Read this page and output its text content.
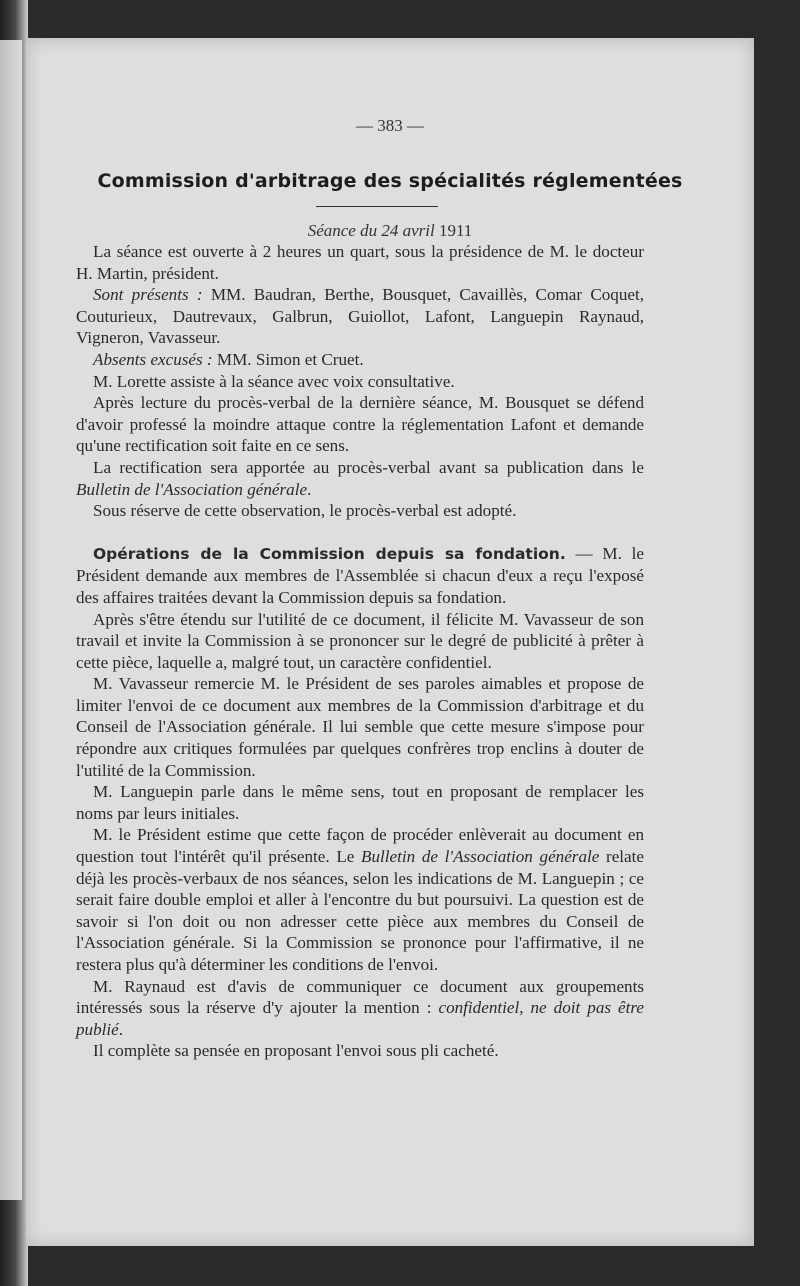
— 383 —
Commission d'arbitrage des spécialités réglementées
Séance du 24 avril 1911

La séance est ouverte à 2 heures un quart, sous la présidence de M. le docteur H. Martin, président.

Sont présents : MM. Baudran, Berthe, Bousquet, Cavaillès, Comar Coquet, Couturieux, Dautrevaux, Galbrun, Guiollot, Lafont, Languepin Raynaud, Vigneron, Vavasseur.

Absents excusés : MM. Simon et Cruet.

M. Lorette assiste à la séance avec voix consultative.

Après lecture du procès-verbal de la dernière séance, M. Bousquet se défend d'avoir professé la moindre attaque contre la réglementation Lafont et demande qu'une rectification soit faite en ce sens.

La rectification sera apportée au procès-verbal avant sa publication dans le Bulletin de l'Association générale.

Sous réserve de cette observation, le procès-verbal est adopté.

Opérations de la Commission depuis sa fondation. — M. le Président demande aux membres de l'Assemblée si chacun d'eux a reçu l'exposé des affaires traitées devant la Commission depuis sa fondation.

Après s'être étendu sur l'utilité de ce document, il félicite M. Vavasseur de son travail et invite la Commission à se prononcer sur le degré de publicité à prêter à cette pièce, laquelle a, malgré tout, un caractère confidentiel.

M. Vavasseur remercie M. le Président de ses paroles aimables et propose de limiter l'envoi de ce document aux membres de la Commission d'arbitrage et du Conseil de l'Association générale. Il lui semble que cette mesure s'impose pour répondre aux critiques formulées par quelques confrères trop enclins à douter de l'utilité de la Commission.

M. Languepin parle dans le même sens, tout en proposant de remplacer les noms par leurs initiales.

M. le Président estime que cette façon de procéder enlèverait au document en question tout l'intérêt qu'il présente. Le Bulletin de l'Association générale relate déjà les procès-verbaux de nos séances, selon les indications de M. Languepin ; ce serait faire double emploi et aller à l'encontre du but poursuivi. La question est de savoir si l'on doit ou non adresser cette pièce aux membres du Conseil de l'Association générale. Si la Commission se prononce pour l'affirmative, il ne restera plus qu'à déterminer les conditions de l'envoi.

M. Raynaud est d'avis de communiquer ce document aux groupements intéressés sous la réserve d'y ajouter la mention : confidentiel, ne doit pas être publié.

Il complète sa pensée en proposant l'envoi sous pli cacheté.
